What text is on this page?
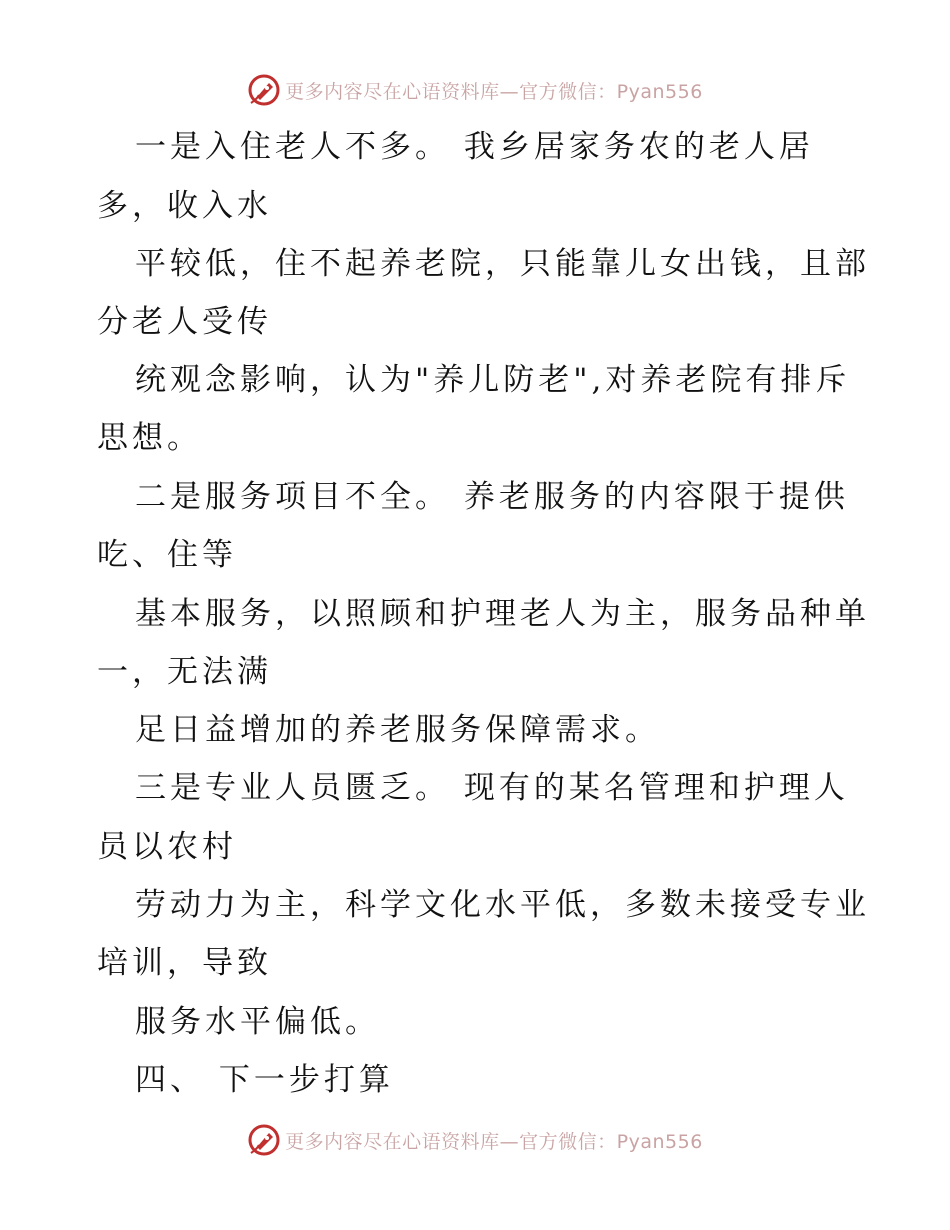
更多内容尽在心语资料库—官方微信：Pyan556
一是入住老人不多。 我乡居家务农的老人居
多，收入水
平较低，住不起养老院，只能靠儿女出钱，且部
分老人受传
统观念影响，认为"养儿防老",对养老院有排斥
思想。
二是服务项目不全。 养老服务的内容限于提供
吃、住等
基本服务，以照顾和护理老人为主，服务品种单
一，无法满
足日益增加的养老服务保障需求。
三是专业人员匮乏。 现有的某名管理和护理人
员以农村
劳动力为主，科学文化水平低，多数未接受专业
培训，导致
服务水平偏低。
四、 下一步打算
更多内容尽在心语资料库—官方微信：Pyan556
